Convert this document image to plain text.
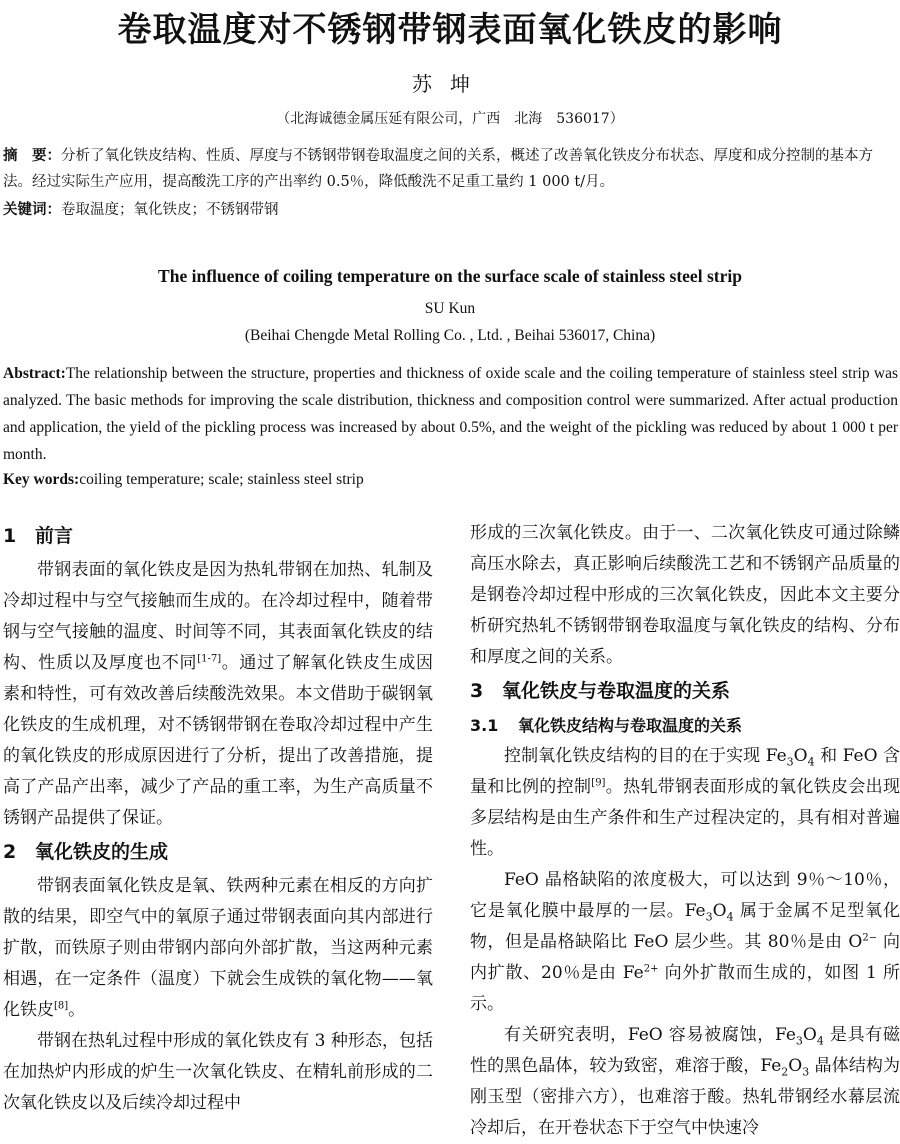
卷取温度对不锈钢带钢表面氧化铁皮的影响
苏坤
（北海诚德金属压延有限公司，广西　北海　536017）
摘　要：分析了氧化铁皮结构、性质、厚度与不锈钢带钢卷取温度之间的关系，概述了改善氧化铁皮分布状态、厚度和成分控制的基本方法。经过实际生产应用，提高酸洗工序的产出率约 0.5％，降低酸洗不足重工量约 1 000 t/月。
关键词：卷取温度；氧化铁皮；不锈钢带钢
The influence of coiling temperature on the surface scale of stainless steel strip
SU Kun
(Beihai Chengde Metal Rolling Co. , Ltd. , Beihai 536017, China)
Abstract:The relationship between the structure, properties and thickness of oxide scale and the coiling temperature of stainless steel strip was analyzed. The basic methods for improving the scale distribution, thickness and composition control were summarized. After actual production and application, the yield of the pickling process was increased by about 0.5%, and the weight of the pickling was reduced by about 1 000 t per month.
Key words:coiling temperature; scale; stainless steel strip
1 前言

带钢表面的氧化铁皮是因为热轧带钢在加热、轧制及冷却过程中与空气接触而生成的。在冷却过程中，随着带钢与空气接触的温度、时间等不同，其表面氧化铁皮的结构、性质以及厚度也不同[1-7]。通过了解氧化铁皮生成因素和特性，可有效改善后续酸洗效果。本文借助于碳钢氧化铁皮的生成机理，对不锈钢带钢在卷取冷却过程中产生的氧化铁皮的形成原因进行了分析，提出了改善措施，提高了产品产出率，减少了产品的重工率，为生产高质量不锈钢产品提供了保证。

2 氧化铁皮的生成

带钢表面氧化铁皮是氧、铁两种元素在相反的方向扩散的结果，即空气中的氧原子通过带钢表面向其内部进行扩散，而铁原子则由带钢内部向外部扩散，当这两种元素相遇，在一定条件（温度）下就会生成铁的氧化物——氧化铁皮[8]。

带钢在热轧过程中形成的氧化铁皮有 3 种形态，包括在加热炉内形成的炉生一次氧化铁皮、在精轧前形成的二次氧化铁皮以及后续冷却过程中

形成的三次氧化铁皮。由于一、二次氧化铁皮可通过除鳞高压水除去，真正影响后续酸洗工艺和不锈钢产品质量的是钢卷冷却过程中形成的三次氧化铁皮，因此本文主要分析研究热轧不锈钢带钢卷取温度与氧化铁皮的结构、分布和厚度之间的关系。

3 氧化铁皮与卷取温度的关系
3.1 氧化铁皮结构与卷取温度的关系

控制氧化铁皮结构的目的在于实现 $Fe_3O_4$ 和 FeO 含量和比例的控制[9]。热轧带钢表面形成的氧化铁皮会出现多层结构是由生产条件和生产过程决定的，具有相对普遍性。

FeO 晶格缺陷的浓度极大，可以达到 9％～10％，它是氧化膜中最厚的一层。$Fe_3O_4$ 属于金属不足型氧化物，但是晶格缺陷比 FeO 层少些。其 80％是由 $O^{2-}$ 向内扩散、20％是由 $Fe^{2+}$ 向外扩散而生成的，如图 1 所示。

有关研究表明，FeO 容易被腐蚀，$Fe_3O_4$ 是具有磁性的黑色晶体，较为致密，难溶于酸，$Fe_2O_3$ 晶体结构为刚玉型（密排六方），也难溶于酸。热轧带钢经水幕层流冷却后，在开卷状态下于空气中快速冷
